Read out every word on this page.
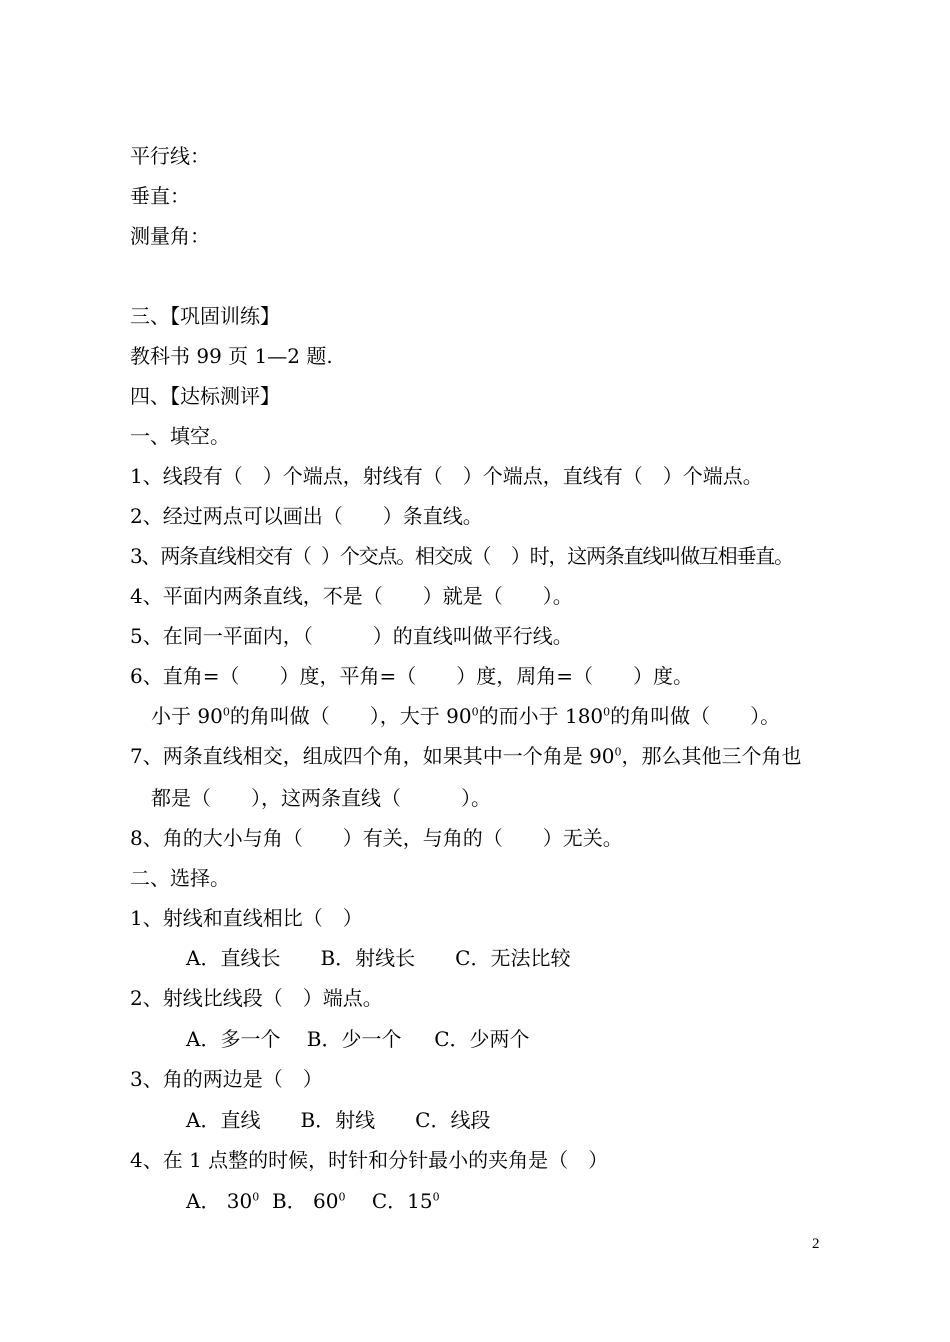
平行线：

垂直：

测量角：

三、【巩固训练】

教科书 99 页 1—2 题.

四、【达标测评】

一、填空。

1、线段有（　）个端点，射线有（　）个端点，直线有（　）个端点。

2、经过两点可以画出（　　）条直线。

3、两条直线相交有（  ）个交点。相交成（    ）时，这两条直线叫做互相垂直。

4、平面内两条直线，不是（　　）就是（　　）。

5、在同一平面内，（　　　）的直线叫做平行线。

6、直角=（　　）度，平角=（　　）度，周角=（　　）度。

小于 $90^0$的角叫做（　　），大于 $90^0$的而小于 $180^0$的角叫做（　　）。

7、两条直线相交，组成四个角，如果其中一个角是 $90^0$，那么其他三个角也

都是（　　），这两条直线（　　　）。

8、角的大小与角（　　）有关，与角的（　　）无关。

二、选择。

1、射线和直线相比（　）

A．直线长　　B．射线长　　C．无法比较

2、射线比线段（　）端点。

A．多一个　 B．少一个　  C．少两个

3、角的两边是（　）

A．直线　　B．射线　　C．线段

4、在 1 点整的时候，时针和分针最小的夹角是（　）

A． $30^0$  B． $60^0$　 C．$15^0$

2
